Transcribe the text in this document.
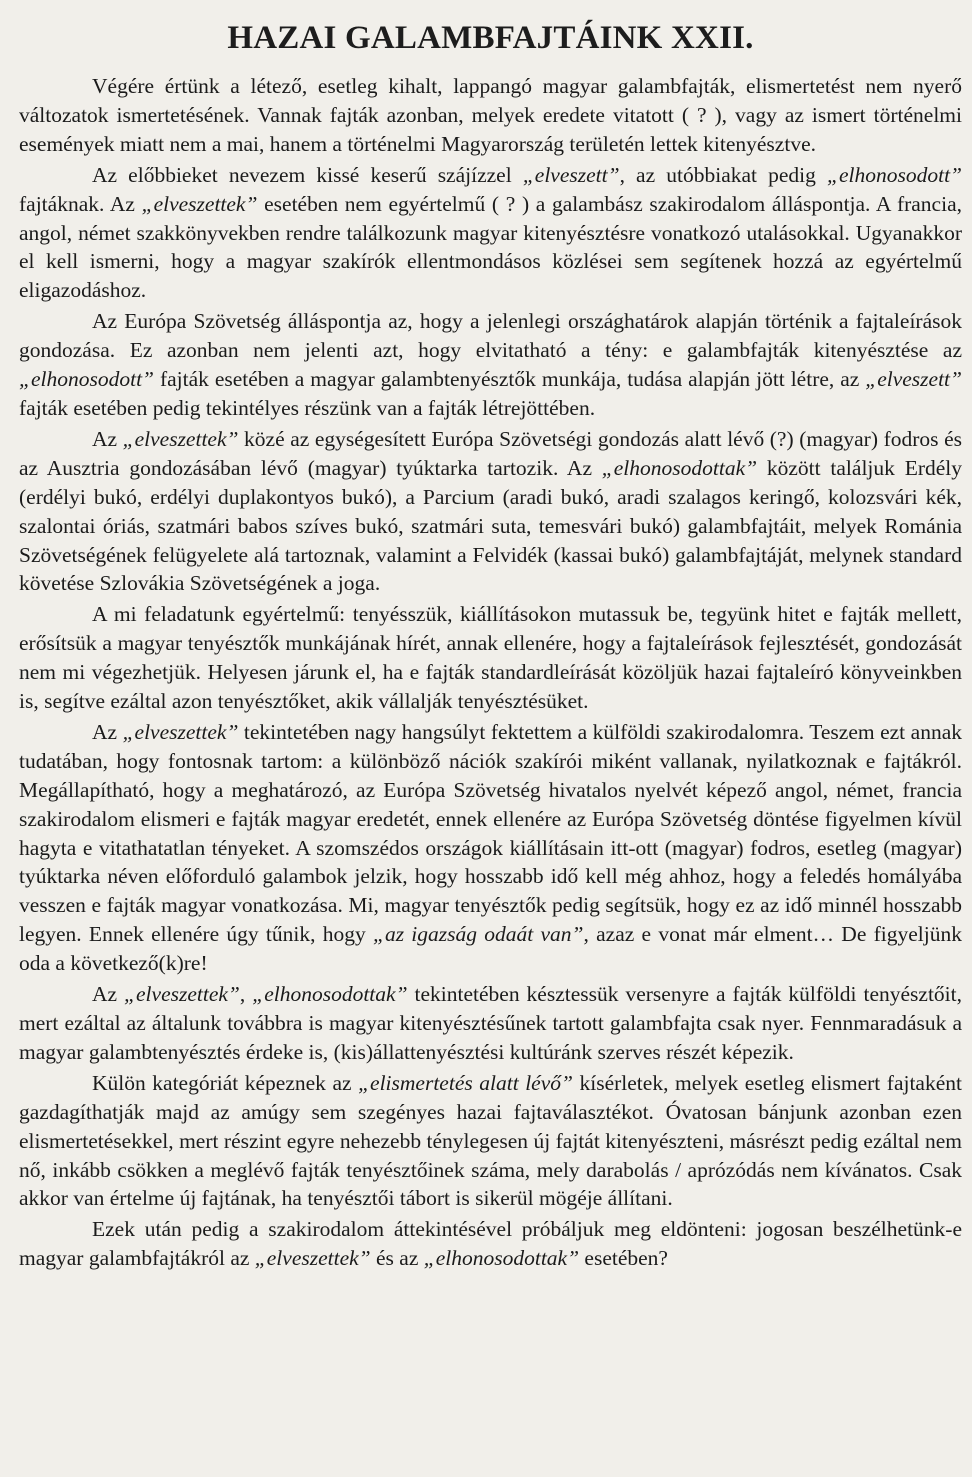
HAZAI GALAMBFAJTÁINK XXII.

Végére értünk a létező, esetleg kihalt, lappangó magyar galambfajták, elismertetést nem nyerő változatok ismertetésének. Vannak fajták azonban, melyek eredete vitatott ( ? ), vagy az ismert történelmi események miatt nem a mai, hanem a történelmi Magyarország területén lettek kitenyésztve.

Az előbbieket nevezem kissé keserű szájízzel „elveszett”, az utóbbiakat pedig „elhonosodott” fajtáknak. Az „elveszettek” esetében nem egyértelmű ( ? ) a galambász szakirodalom álláspontja. A francia, angol, német szakkönyvekben rendre találkozunk magyar kitenyésztésre vonatkozó utalásokkal. Ugyanakkor el kell ismerni, hogy a magyar szakírók ellentmondásos közlései sem segítenek hozzá az egyértelmű eligazodáshoz.

Az Európa Szövetség álláspontja az, hogy a jelenlegi országhatárok alapján történik a fajtaleírások gondozása. Ez azonban nem jelenti azt, hogy elvitatható a tény: e galambfajták kitenyésztése az „elhonosodott” fajták esetében a magyar galambtenyésztők munkája, tudása alapján jött létre, az „elveszett” fajták esetében pedig tekintélyes részünk van a fajták létrejöttében.

Az „elveszettek” közé az egységesített Európa Szövetségi gondozás alatt lévő (?) (magyar) fodros és az Ausztria gondozásában lévő (magyar) tyúktarka tartozik. Az „elhonosodottak” között találjuk Erdély (erdélyi bukó, erdélyi duplakontyos bukó), a Parcium (aradi bukó, aradi szalagos keringő, kolozsvári kék, szalontai óriás, szatmári babos szíves bukó, szatmári suta, temesvári bukó) galambfajtáit, melyek Románia Szövetségének felügyelete alá tartoznak, valamint a Felvidék (kassai bukó) galambfajtáját, melynek standard követése Szlovákia Szövetségének a joga.

A mi feladatunk egyértelmű: tenyésszük, kiállításokon mutassuk be, tegyünk hitet e fajták mellett, erősítsük a magyar tenyésztők munkájának hírét, annak ellenére, hogy a fajtaleírások fejlesztését, gondozását nem mi végezhetjük. Helyesen járunk el, ha e fajták standardleírását közöljük hazai fajtaleíró könyveinkben is, segítve ezáltal azon tenyésztőket, akik vállalják tenyésztésüket.

Az „elveszettek” tekintetében nagy hangsúlyt fektettem a külföldi szakirodalomra. Teszem ezt annak tudatában, hogy fontosnak tartom: a különböző nációk szakírói miként vallanak, nyilatkoznak e fajtákról. Megállapítható, hogy a meghatározó, az Európa Szövetség hivatalos nyelvét képező angol, német, francia szakirodalom elismeri e fajták magyar eredetét, ennek ellenére az Európa Szövetség döntése figyelmen kívül hagyta e vitathatatlan tényeket. A szomszédos országok kiállításain itt-ott (magyar) fodros, esetleg (magyar) tyúktarka néven előforduló galambok jelzik, hogy hosszabb idő kell még ahhoz, hogy a feledés homályába vesszen e fajták magyar vonatkozása. Mi, magyar tenyésztők pedig segítsük, hogy ez az idő minnél hosszabb legyen. Ennek ellenére úgy tűnik, hogy „az igazság odaát van”, azaz e vonat már elment… De figyeljünk oda a következő(k)re!

Az „elveszettek”, „elhonosodottak” tekintetében késztessük versenyre a fajták külföldi tenyésztőit, mert ezáltal az általunk továbbra is magyar kitenyésztésűnek tartott galambfajta csak nyer. Fennmaradásuk a magyar galambtenyésztés érdeke is, (kis)állattenyésztési kultúránk szerves részét képezik.

Külön kategóriát képeznek az „elismertetés alatt lévő” kísérletek, melyek esetleg elismert fajtaként gazdagíthatják majd az amúgy sem szegényes hazai fajtaválasztékot. Óvatosan bánjunk azonban ezen elismertetésekkel, mert részint egyre nehezebb ténylegesen új fajtát kitenyészteni, másrészt pedig ezáltal nem nő, inkább csökken a meglévő fajták tenyésztőinek száma, mely darabolás / aprózódás nem kívánatos. Csak akkor van értelme új fajtának, ha tenyésztői tábort is sikerül mögéje állítani.

Ezek után pedig a szakirodalom áttekintésével próbáljuk meg eldönteni: jogosan beszélhetünk-e magyar galambfajtákról az „elveszettek” és az „elhonosodottak” esetében?
